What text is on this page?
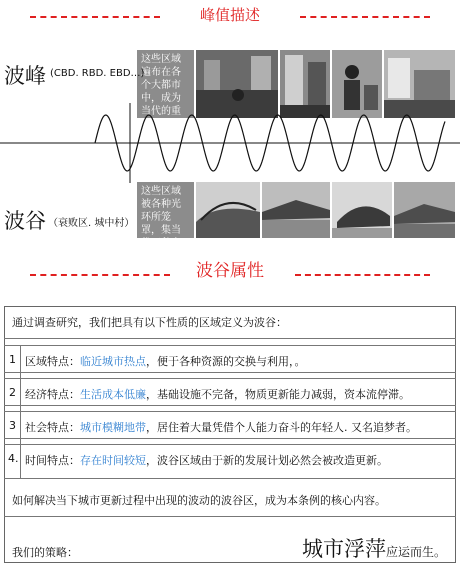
峰值描述
这些区域遍布在各个大都市中，成为当代的重要难题。
波峰 (CBD. RBD. EBD…)
这些区域被各种光环所笼罩，集当代万种变爱于一身。
波谷 （衰败区. 城中村）
波谷属性
通过调查研究，我们把具有以下性质的区域定义为波谷：
1 区域特点：临近城市热点，便于各种资源的交换与利用，。
2 经济特点：生活成本低廉，基础设施不完备，物质更新能力减弱，资本流停滞。
3 社会特点：城市模糊地带，居住着大量凭借个人能力奋斗的年轻人. 又名追梦者。
4. 时间特点：存在时间较短，波谷区域由于新的发展计划必然会被改造更新。
如何解决当下城市更新过程中出现的波动的波谷区，成为本条例的核心内容。
我们的策略：	城市浮萍应运而生。
